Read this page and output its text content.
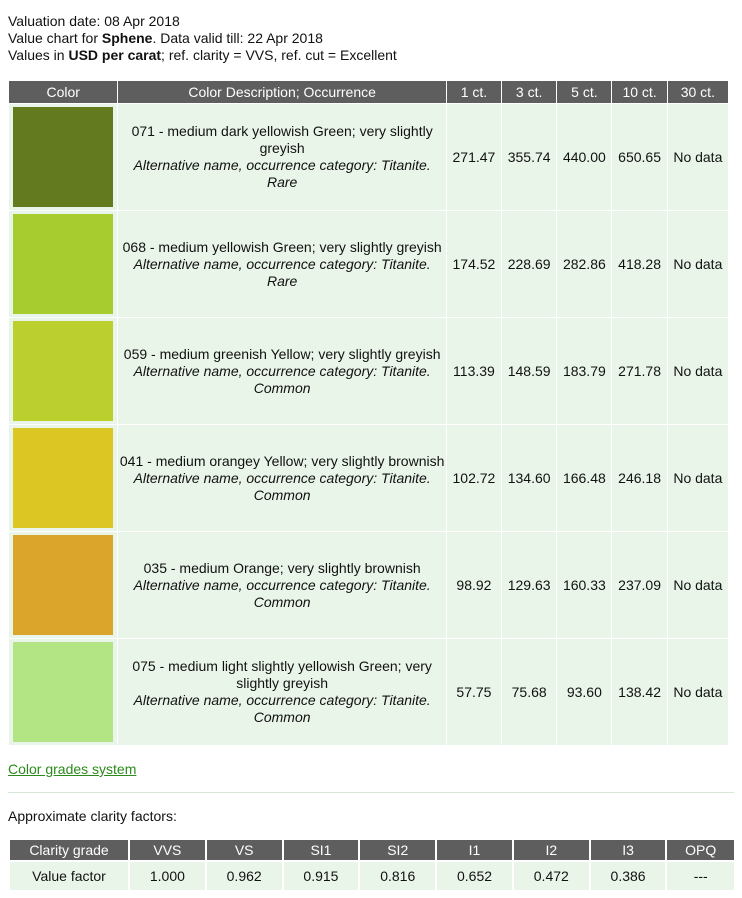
Valuation date: 08 Apr 2018
Value chart for Sphene. Data valid till: 22 Apr 2018
Values in USD per carat; ref. clarity = VVS, ref. cut = Excellent
Color	Color Description; Occurrence	1 ct.	3 ct.	5 ct.	10 ct.	30 ct.

	071 - medium dark yellowish Green; very slightly greyish
Alternative name, occurrence category: Titanite. Rare	271.47	355.74	440.00	650.65	No data

	068 - medium yellowish Green; very slightly greyish
Alternative name, occurrence category: Titanite. Rare	174.52	228.69	282.86	418.28	No data

	059 - medium greenish Yellow; very slightly greyish
Alternative name, occurrence category: Titanite. Common	113.39	148.59	183.79	271.78	No data

	041 - medium orangey Yellow; very slightly brownish
Alternative name, occurrence category: Titanite. Common	102.72	134.60	166.48	246.18	No data

	035 - medium Orange; very slightly brownish
Alternative name, occurrence category: Titanite. Common	98.92	129.63	160.33	237.09	No data

	075 - medium light slightly yellowish Green; very slightly greyish
Alternative name, occurrence category: Titanite. Common	57.75	75.68	93.60	138.42	No data
Color grades system
Approximate clarity factors:
Clarity grade	VVS	VS	SI1	SI2	I1	I2	I3	OPQ
Value factor	1.000	0.962	0.915	0.816	0.652	0.472	0.386	---
